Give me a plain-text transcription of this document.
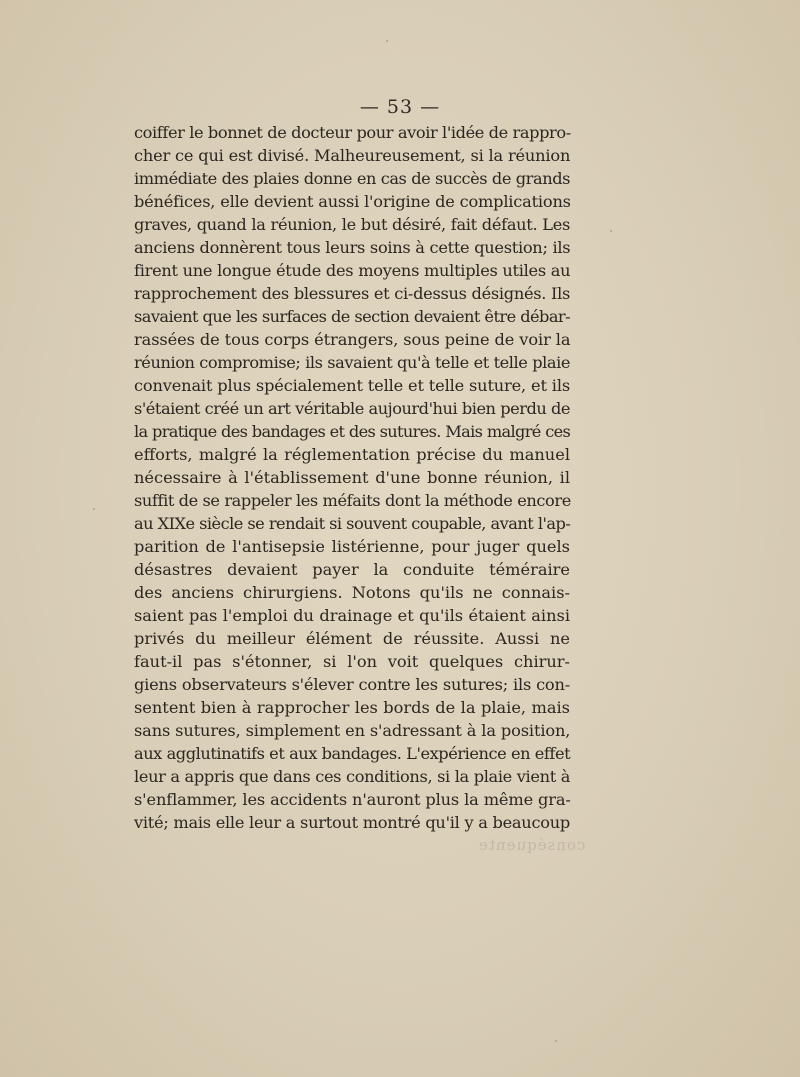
— 53 —
coiffer le bonnet de docteur pour avoir l'idée de rappro-
cher ce qui est divisé. Malheureusement, si la réunion
immédiate des plaies donne en cas de succès de grands
bénéfices, elle devient aussi l'origine de complications
graves, quand la réunion, le but désiré, fait défaut. Les
anciens donnèrent tous leurs soins à cette question; ils
firent une longue étude des moyens multiples utiles au
rapprochement des blessures et ci-dessus désignés. Ils
savaient que les surfaces de section devaient être débar-
rassées de tous corps étrangers, sous peine de voir la
réunion compromise; ils savaient qu'à telle et telle plaie
convenait plus spécialement telle et telle suture, et ils
s'étaient créé un art véritable aujourd'hui bien perdu de
la pratique des bandages et des sutures. Mais malgré ces
efforts, malgré la réglementation précise du manuel
nécessaire à l'établissement d'une bonne réunion, il
suffit de se rappeler les méfaits dont la méthode encore
au XIXe siècle se rendait si souvent coupable, avant l'ap-
parition de l'antisepsie listérienne, pour juger quels
désastres devaient payer la conduite téméraire
des anciens chirurgiens. Notons qu'ils ne connais-
saient pas l'emploi du drainage et qu'ils étaient ainsi
privés du meilleur élément de réussite. Aussi ne
faut-il pas s'étonner, si l'on voit quelques chirur-
giens observateurs s'élever contre les sutures; ils con-
sentent bien à rapprocher les bords de la plaie, mais
sans sutures, simplement en s'adressant à la position,
aux agglutinatifs et aux bandages. L'expérience en effet
leur a appris que dans ces conditions, si la plaie vient à
s'enflammer, les accidents n'auront plus la même gra-
vité; mais elle leur a surtout montré qu'il y a beaucoup
conséquente
